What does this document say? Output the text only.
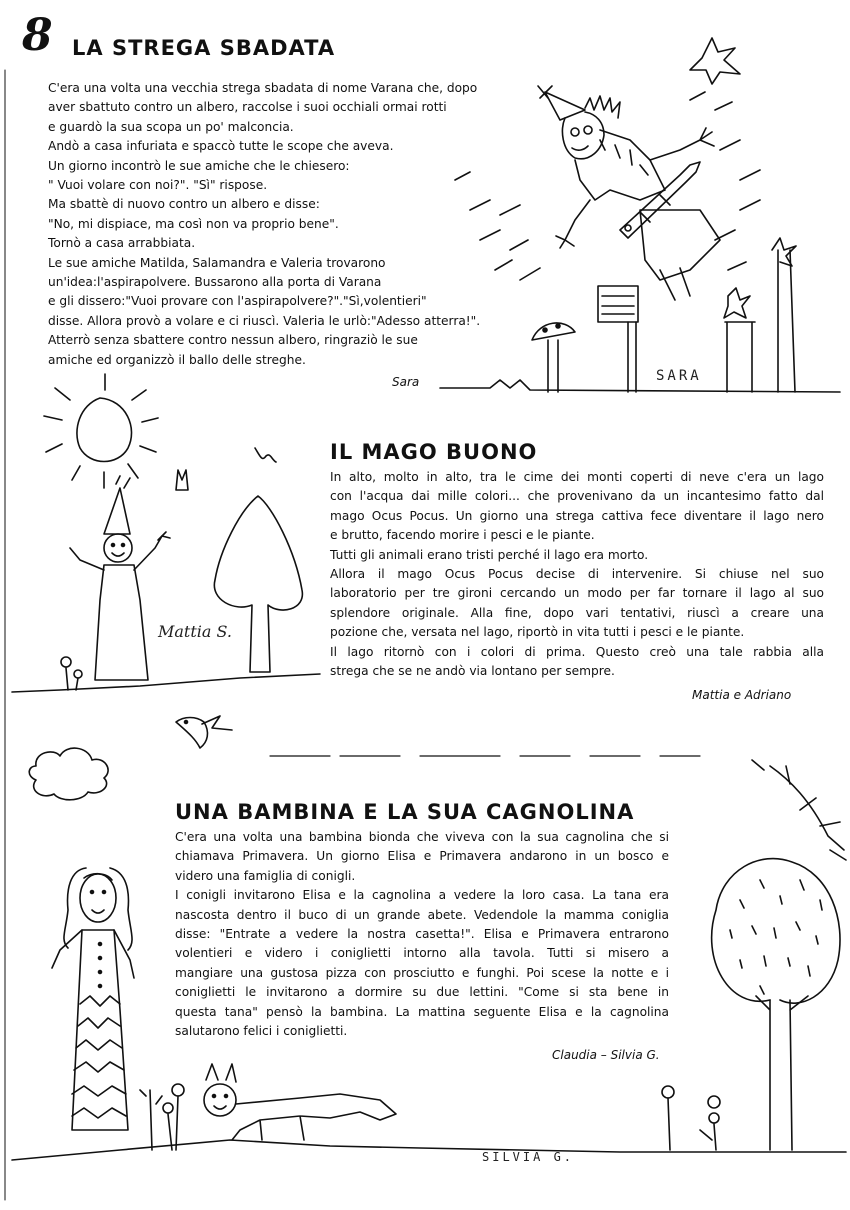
8 LA STREGA SBADATA

C'era una volta una vecchia strega sbadata di nome Varana che, dopo

aver sbattuto contro un albero, raccolse i suoi occhiali ormai rotti

e guardò la sua scopa un po' malconcia.

Andò a casa infuriata e spaccò tutte le scope che aveva.

Un giorno incontrò le sue amiche che le chiesero:

" Vuoi volare con noi?". "Sì" rispose.

Ma sbattè di nuovo contro un albero e disse:

"No, mi dispiace, ma così non va proprio bene".

Tornò a casa arrabbiata.

Le sue amiche Matilda, Salamandra e Valeria trovarono

un'idea:l'aspirapolvere. Bussarono alla porta di Varana

e gli dissero:"Vuoi provare con l'aspirapolvere?"."Sì,volentieri"

disse. Allora provò a volare e ci riuscì. Valeria le urlò:"Adesso atterra!".

Atterrò senza sbattere contro nessun albero, ringraziò le sue

amiche ed organizzò il ballo delle streghe.

Sara	SARA
IL MAGO BUONO

In alto, molto in alto, tra le cime dei monti coperti di neve c'era un lago

con l'acqua dai mille colori... che provenivano da un incantesimo fatto dal

mago Ocus Pocus. Un giorno una strega cattiva fece diventare il lago nero

e brutto, facendo morire i pesci e le piante.

Tutti gli animali erano tristi perché il lago era morto.

Allora il mago Ocus Pocus decise di intervenire. Si chiuse nel suo

laboratorio per tre gironi cercando un modo per far tornare il lago al suo

splendore originale. Alla fine, dopo vari tentativi, riuscì a creare una

pozione che, versata nel lago, riportò in vita tutti i pesci e le piante.

Il lago ritornò con i colori di prima. Questo creò una tale rabbia alla

strega che se ne andò via lontano per sempre.

Mattia e Adriano
Mattia S.
UNA BAMBINA E LA SUA CAGNOLINA

C'era una volta una bambina bionda che viveva con la sua cagnolina che si

chiamava Primavera. Un giorno Elisa e Primavera andarono in un bosco e

videro una famiglia di conigli.

I conigli invitarono Elisa e la cagnolina a vedere la loro casa. La tana era

nascosta dentro il buco di un grande abete. Vedendole la mamma coniglia

disse: "Entrate a vedere la nostra casetta!". Elisa e Primavera entrarono

volentieri e videro i coniglietti intorno alla tavola. Tutti si misero a

mangiare una gustosa pizza con prosciutto e funghi. Poi scese la notte e i

coniglietti le invitarono a dormire su due lettini. "Come si sta bene in

questa tana" pensò la bambina. La mattina seguente Elisa e la cagnolina

salutarono felici i coniglietti.

Claudia – Silvia G.
SILVIA G.
